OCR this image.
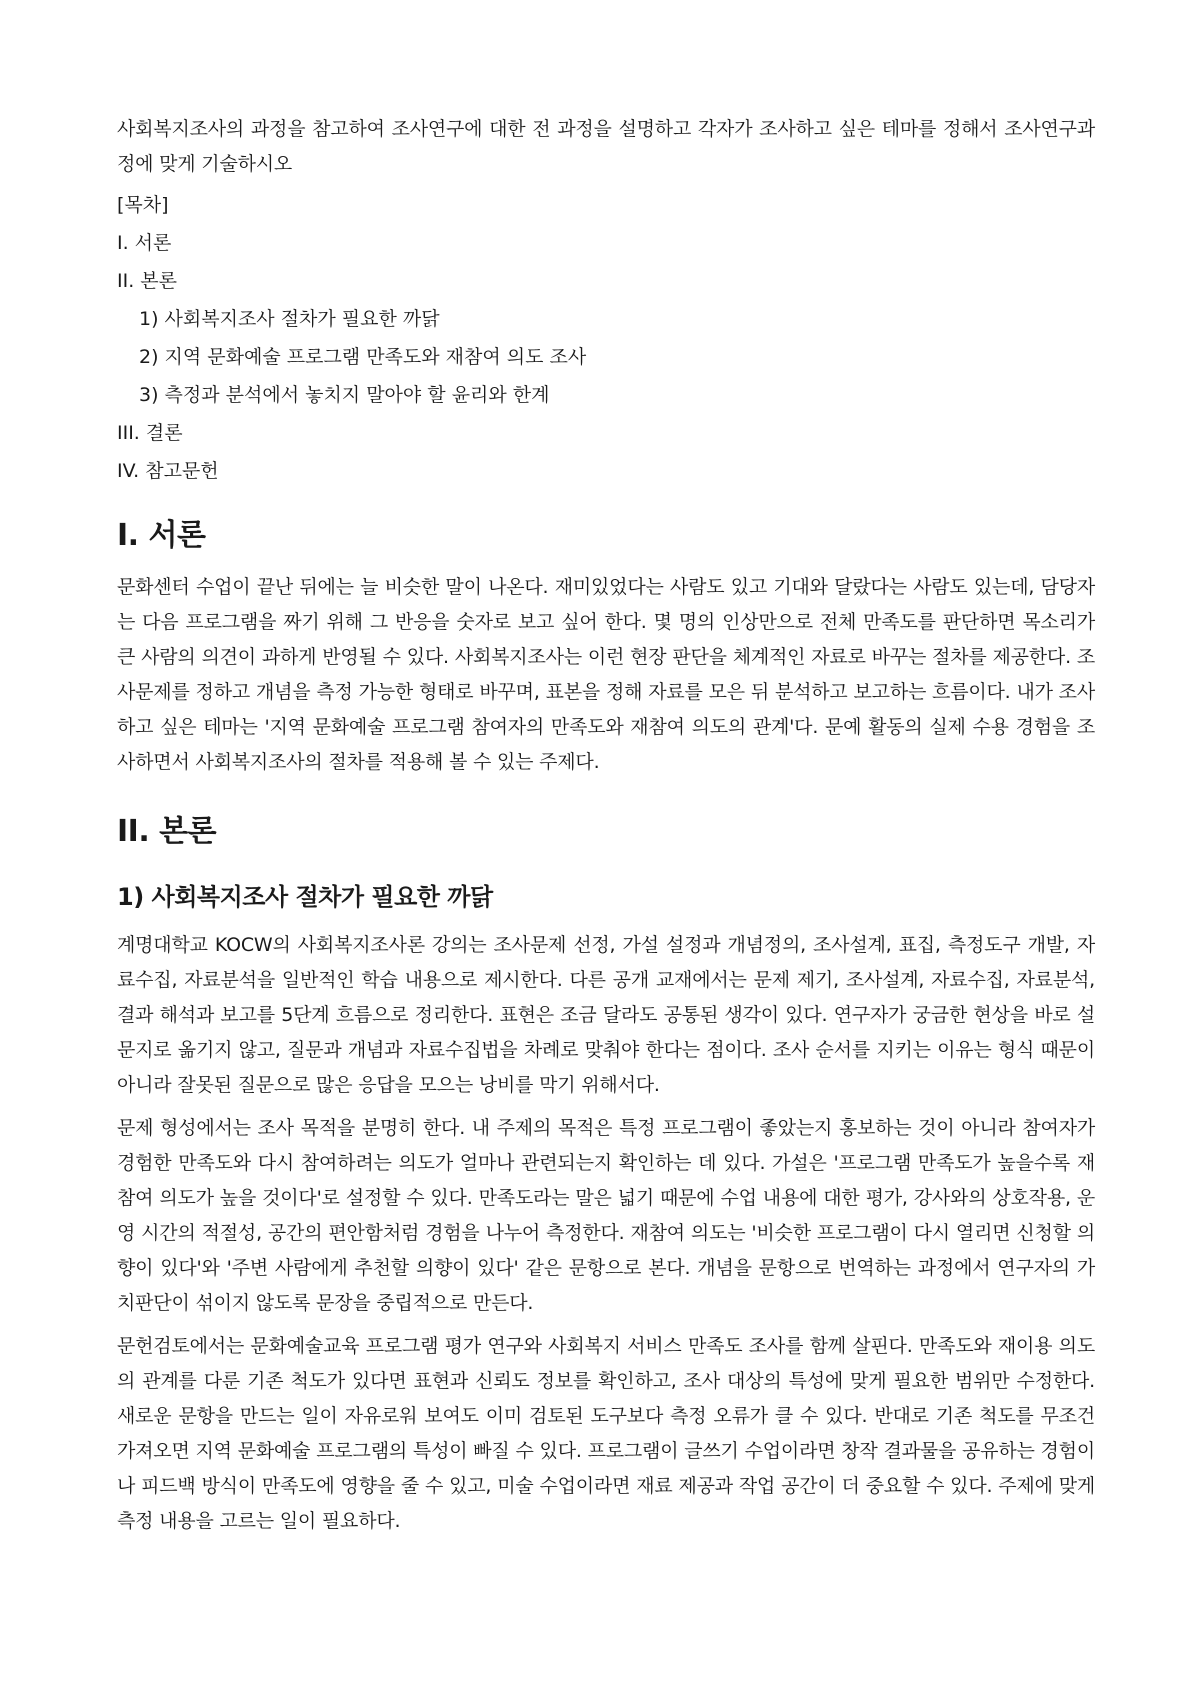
사회복지조사의 과정을 참고하여 조사연구에 대한 전 과정을 설명하고 각자가 조사하고 싶은 테마를 정해서 조사연구과정에 맞게 기술하시오

[목차]
I. 서론
II. 본론
1) 사회복지조사 절차가 필요한 까닭
2) 지역 문화예술 프로그램 만족도와 재참여 의도 조사
3) 측정과 분석에서 놓치지 말아야 할 윤리와 한계
III. 결론
IV. 참고문헌
I. 서론

문화센터 수업이 끝난 뒤에는 늘 비슷한 말이 나온다. 재미있었다는 사람도 있고 기대와 달랐다는 사람도 있는데, 담당자는 다음 프로그램을 짜기 위해 그 반응을 숫자로 보고 싶어 한다. 몇 명의 인상만으로 전체 만족도를 판단하면 목소리가 큰 사람의 의견이 과하게 반영될 수 있다. 사회복지조사는 이런 현장 판단을 체계적인 자료로 바꾸는 절차를 제공한다. 조사문제를 정하고 개념을 측정 가능한 형태로 바꾸며, 표본을 정해 자료를 모은 뒤 분석하고 보고하는 흐름이다. 내가 조사하고 싶은 테마는 '지역 문화예술 프로그램 참여자의 만족도와 재참여 의도의 관계'다. 문예 활동의 실제 수용 경험을 조사하면서 사회복지조사의 절차를 적용해 볼 수 있는 주제다.

II. 본론
1) 사회복지조사 절차가 필요한 까닭

계명대학교 KOCW의 사회복지조사론 강의는 조사문제 선정, 가설 설정과 개념정의, 조사설계, 표집, 측정도구 개발, 자료수집, 자료분석을 일반적인 학습 내용으로 제시한다. 다른 공개 교재에서는 문제 제기, 조사설계, 자료수집, 자료분석, 결과 해석과 보고를 5단계 흐름으로 정리한다. 표현은 조금 달라도 공통된 생각이 있다. 연구자가 궁금한 현상을 바로 설문지로 옮기지 않고, 질문과 개념과 자료수집법을 차례로 맞춰야 한다는 점이다. 조사 순서를 지키는 이유는 형식 때문이 아니라 잘못된 질문으로 많은 응답을 모으는 낭비를 막기 위해서다.

문제 형성에서는 조사 목적을 분명히 한다. 내 주제의 목적은 특정 프로그램이 좋았는지 홍보하는 것이 아니라 참여자가 경험한 만족도와 다시 참여하려는 의도가 얼마나 관련되는지 확인하는 데 있다. 가설은 '프로그램 만족도가 높을수록 재참여 의도가 높을 것이다'로 설정할 수 있다. 만족도라는 말은 넓기 때문에 수업 내용에 대한 평가, 강사와의 상호작용, 운영 시간의 적절성, 공간의 편안함처럼 경험을 나누어 측정한다. 재참여 의도는 '비슷한 프로그램이 다시 열리면 신청할 의향이 있다'와 '주변 사람에게 추천할 의향이 있다' 같은 문항으로 본다. 개념을 문항으로 번역하는 과정에서 연구자의 가치판단이 섞이지 않도록 문장을 중립적으로 만든다.

문헌검토에서는 문화예술교육 프로그램 평가 연구와 사회복지 서비스 만족도 조사를 함께 살핀다. 만족도와 재이용 의도의 관계를 다룬 기존 척도가 있다면 표현과 신뢰도 정보를 확인하고, 조사 대상의 특성에 맞게 필요한 범위만 수정한다. 새로운 문항을 만드는 일이 자유로워 보여도 이미 검토된 도구보다 측정 오류가 클 수 있다. 반대로 기존 척도를 무조건 가져오면 지역 문화예술 프로그램의 특성이 빠질 수 있다. 프로그램이 글쓰기 수업이라면 창작 결과물을 공유하는 경험이나 피드백 방식이 만족도에 영향을 줄 수 있고, 미술 수업이라면 재료 제공과 작업 공간이 더 중요할 수 있다. 주제에 맞게 측정 내용을 고르는 일이 필요하다.
